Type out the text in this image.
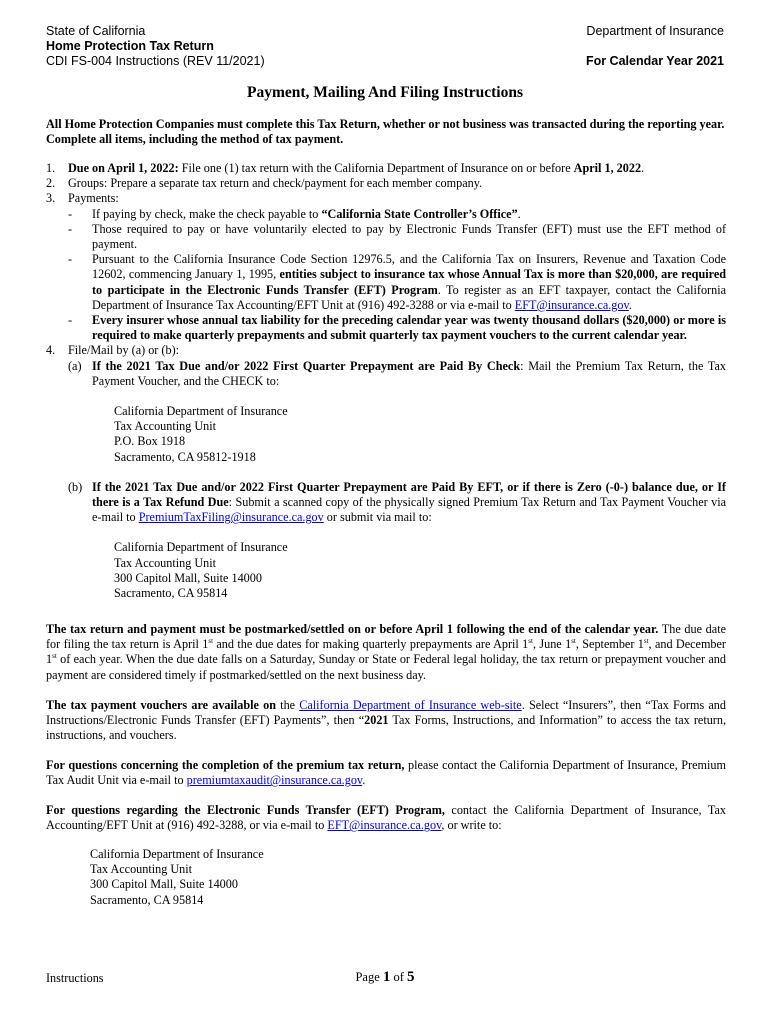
State of California
Home Protection Tax Return
CDI FS-004 Instructions (REV 11/2021)
Department of Insurance

For Calendar Year 2021
Payment, Mailing And Filing Instructions
All Home Protection Companies must complete this Tax Return, whether or not business was transacted during the reporting year. Complete all items, including the method of tax payment.
1.	Due on April 1, 2022: File one (1) tax return with the California Department of Insurance on or before April 1, 2022.
2.	Groups: Prepare a separate tax return and check/payment for each member company.
3.	Payments:
-	If paying by check, make the check payable to “California State Controller’s Office”.
-	Those required to pay or have voluntarily elected to pay by Electronic Funds Transfer (EFT) must use the EFT method of payment.
-	Pursuant to the California Insurance Code Section 12976.5, and the California Tax on Insurers, Revenue and Taxation Code 12602, commencing January 1, 1995, entities subject to insurance tax whose Annual Tax is more than $20,000, are required to participate in the Electronic Funds Transfer (EFT) Program. To register as an EFT taxpayer, contact the California Department of Insurance Tax Accounting/EFT Unit at (916) 492-3288 or via e-mail to EFT@insurance.ca.gov.
-	Every insurer whose annual tax liability for the preceding calendar year was twenty thousand dollars ($20,000) or more is required to make quarterly prepayments and submit quarterly tax payment vouchers to the current calendar year.
4.	File/Mail by (a) or (b):
(a) If the 2021 Tax Due and/or 2022 First Quarter Prepayment are Paid By Check: Mail the Premium Tax Return, the Tax Payment Voucher, and the CHECK to:
California Department of Insurance
Tax Accounting Unit
P.O. Box 1918
Sacramento, CA 95812-1918
(b) If the 2021 Tax Due and/or 2022 First Quarter Prepayment are Paid By EFT, or if there is Zero (-0-) balance due, or If there is a Tax Refund Due: Submit a scanned copy of the physically signed Premium Tax Return and Tax Payment Voucher via e-mail to PremiumTaxFiling@insurance.ca.gov or submit via mail to:
California Department of Insurance
Tax Accounting Unit
300 Capitol Mall, Suite 14000
Sacramento, CA 95814
The tax return and payment must be postmarked/settled on or before April 1 following the end of the calendar year. The due date for filing the tax return is April 1st and the due dates for making quarterly prepayments are April 1st, June 1st, September 1st, and December 1st of each year. When the due date falls on a Saturday, Sunday or State or Federal legal holiday, the tax return or prepayment voucher and payment are considered timely if postmarked/settled on the next business day.
The tax payment vouchers are available on the California Department of Insurance web-site. Select “Insurers”, then “Tax Forms and Instructions/Electronic Funds Transfer (EFT) Payments”, then “2021 Tax Forms, Instructions, and Information” to access the tax return, instructions, and vouchers.
For questions concerning the completion of the premium tax return, please contact the California Department of Insurance, Premium Tax Audit Unit via e-mail to premiumtaxaudit@insurance.ca.gov.
For questions regarding the Electronic Funds Transfer (EFT) Program, contact the California Department of Insurance, Tax Accounting/EFT Unit at (916) 492-3288, or via e-mail to EFT@insurance.ca.gov, or write to:
California Department of Insurance
Tax Accounting Unit
300 Capitol Mall, Suite 14000
Sacramento, CA 95814
Instructions	Page 1 of 5
